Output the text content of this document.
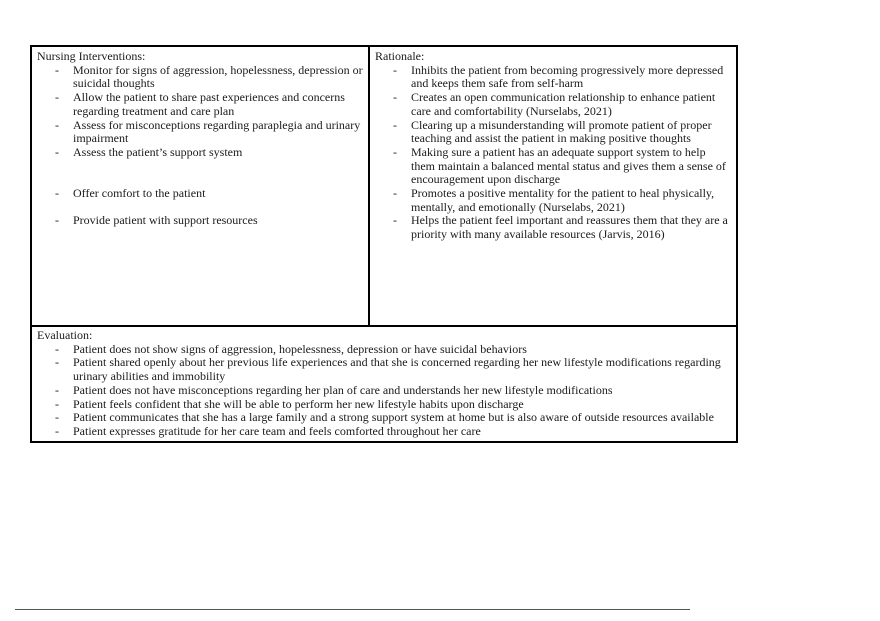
Nursing Interventions:

- Monitor for signs of aggression, hopelessness, depression or suicidal thoughts
- Allow the patient to share past experiences and concerns regarding treatment and care plan
- Assess for misconceptions regarding paraplegia and urinary impairment
- Assess the patient’s support system
- Offer comfort to the patient
- Provide patient with support resources

Rationale:

- Inhibits the patient from becoming progressively more depressed and keeps them safe from self-harm
- Creates an open communication relationship to enhance patient care and comfortability (Nurselabs, 2021)
- Clearing up a misunderstanding will promote patient of proper teaching and assist the patient in making positive thoughts
- Making sure a patient has an adequate support system to help them maintain a balanced mental status and gives them a sense of encouragement upon discharge
- Promotes a positive mentality for the patient to heal physically, mentally, and emotionally (Nurselabs, 2021)
- Helps the patient feel important and reassures them that they are a priority with many available resources (Jarvis, 2016)

Evaluation:

- Patient does not show signs of aggression, hopelessness, depression or have suicidal behaviors
- Patient shared openly about her previous life experiences and that she is concerned regarding her new lifestyle modifications regarding urinary abilities and immobility
- Patient does not have misconceptions regarding her plan of care and understands her new lifestyle modifications
- Patient feels confident that she will be able to perform her new lifestyle habits upon discharge
- Patient communicates that she has a large family and a strong support system at home but is also aware of outside resources available
- Patient expresses gratitude for her care team and feels comforted throughout her care
